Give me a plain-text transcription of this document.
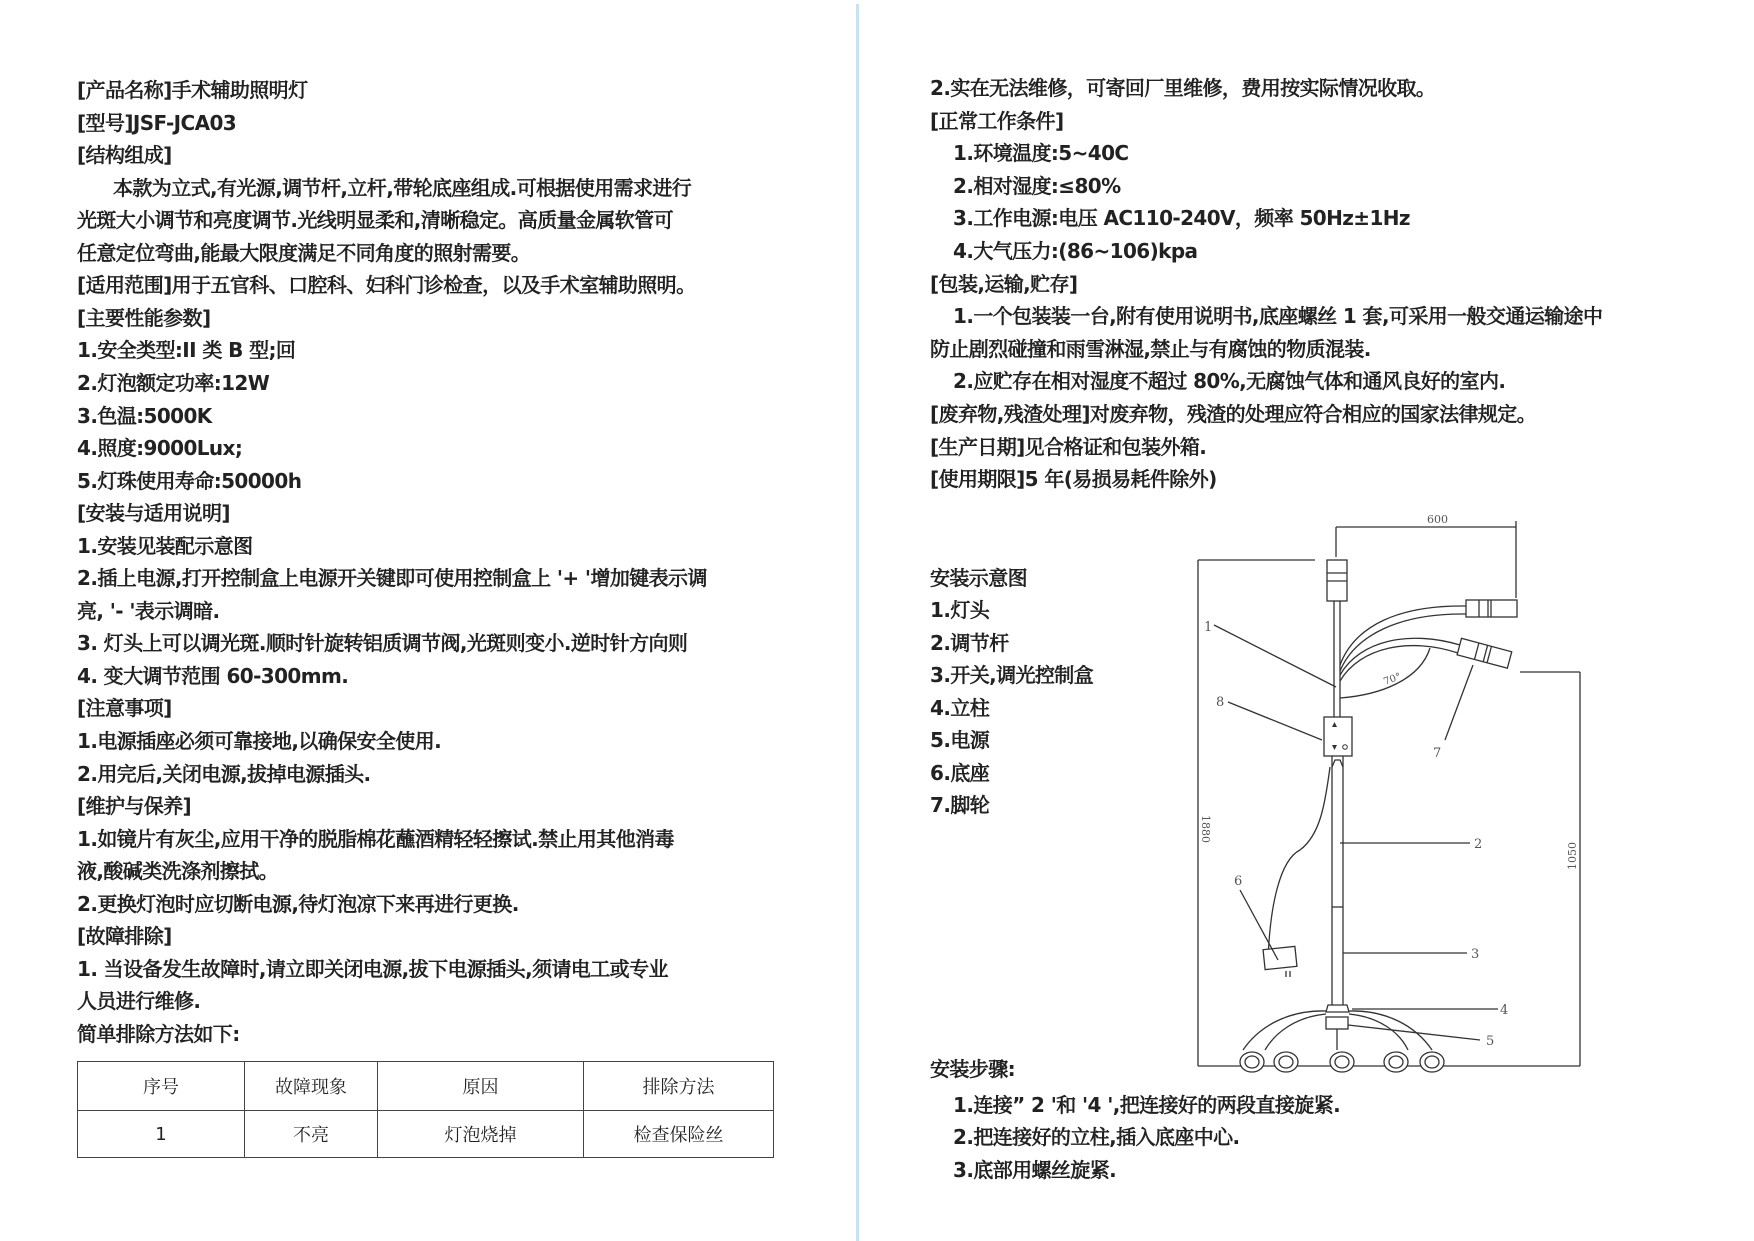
[产品名称]手术辅助照明灯
[型号]JSF-JCA03
[结构组成]
本款为立式,有光源,调节杆,立杆,带轮底座组成.可根据使用需求进行
光斑大小调节和亮度调节.光线明显柔和,清晰稳定。高质量金属软管可
任意定位弯曲,能最大限度满足不同角度的照射需要。
[适用范围]用于五官科、口腔科、妇科门诊检查，以及手术室辅助照明。
[主要性能参数]
1.安全类型:II 类 B 型;回
2.灯泡额定功率:12W
3.色温:5000K
4.照度:9000Lux;
5.灯珠使用寿命:50000h
[安装与适用说明]
1.安装见装配示意图
2.插上电源,打开控制盒上电源开关键即可使用控制盒上 '+ '增加键表示调
亮, '- '表示调暗.
3. 灯头上可以调光斑.顺时针旋转铝质调节阀,光斑则变小.逆时针方向则
4. 变大调节范围 60-300mm.
[注意事项]
1.电源插座必须可靠接地,以确保安全使用.
2.用完后,关闭电源,拔掉电源插头.
[维护与保养]
1.如镜片有灰尘,应用干净的脱脂棉花蘸酒精轻轻擦试.禁止用其他消毒
液,酸碱类洗涤剂擦拭。
2.更换灯泡时应切断电源,待灯泡凉下来再进行更换.
[故障排除]
1. 当设备发生故障时,请立即关闭电源,拔下电源插头,须请电工或专业
人员进行维修.
简单排除方法如下:
序号	故障现象	原因	排除方法
1	不亮	灯泡烧掉	检查保险丝
2.实在无法维修，可寄回厂里维修，费用按实际情况收取。
[正常工作条件]
1.环境温度:5~40C
2.相对湿度:≤80%
3.工作电源:电压 AC110-240V，频率 50Hz±1Hz
4.大气压力:(86~106)kpa
[包装,运输,贮存]
1.一个包装装一台,附有使用说明书,底座螺丝 1 套,可采用一般交通运输途中
防止剧烈碰撞和雨雪淋湿,禁止与有腐蚀的物质混装.
2.应贮存在相对湿度不超过 80%,无腐蚀气体和通风良好的室内.
[废弃物,残渣处理]对废弃物，残渣的处理应符合相应的国家法律规定。
[生产日期]见合格证和包装外箱.
[使用期限]5 年(易损易耗件除外)
安装示意图
1.灯头
2.调节杆
3.开关,调光控制盒
4.立柱
5.电源
6.底座
7.脚轮
安装步骤:
1.连接” 2 '和 '4 ',把连接好的两段直接旋紧.
2.把连接好的立柱,插入底座中心.
3.底部用螺丝旋紧.
600
1880
1050
70°
1
2
3
4
5
6
7
8
